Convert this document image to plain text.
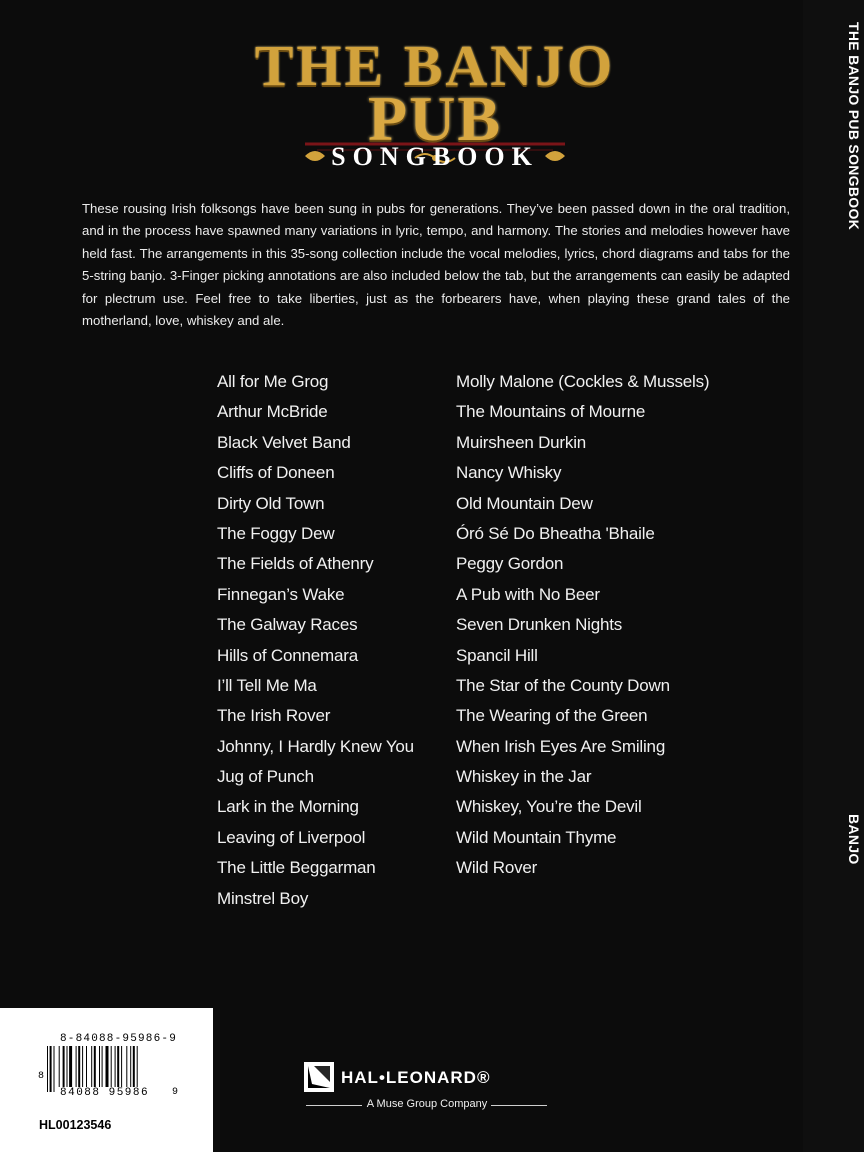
THE BANJO
PUB
SONGBOOK

These rousing Irish folksongs have been sung in pubs for generations. They’ve been passed down in the oral tradition, and in the process have spawned many variations in lyric, tempo, and harmony. The stories and melodies however have held fast. The arrangements in this 35-song collection include the vocal melodies, lyrics, chord diagrams and tabs for the 5-string banjo. 3-Finger picking annotations are also included below the tab, but the arrangements can easily be adapted for plectrum use. Feel free to take liberties, just as the forbearers have, when playing these grand tales of the motherland, love, whiskey and ale.

All for Me Grog
Arthur McBride
Black Velvet Band
Cliffs of Doneen
Dirty Old Town
The Foggy Dew
The Fields of Athenry
Finnegan’s Wake
The Galway Races
Hills of Connemara
I’ll Tell Me Ma
The Irish Rover
Johnny, I Hardly Knew You
Jug of Punch
Lark in the Morning
Leaving of Liverpool
The Little Beggarman
Minstrel Boy
Molly Malone (Cockles & Mussels)
The Mountains of Mourne
Muirsheen Durkin
Nancy Whisky
Old Mountain Dew
Óró Sé Do Bheatha 'Bhaile
Peggy Gordon
A Pub with No Beer
Seven Drunken Nights
Spancil Hill
The Star of the County Down
The Wearing of the Green
When Irish Eyes Are Smiling
Whiskey in the Jar
Whiskey, You’re the Devil
Wild Mountain Thyme
Wild Rover
THE BANJO PUB SONGBOOK
BANJO
8-84088-95986-9
8
84088 95986 9
HL00123546
HAL•LEONARD®
A Muse Group Company
